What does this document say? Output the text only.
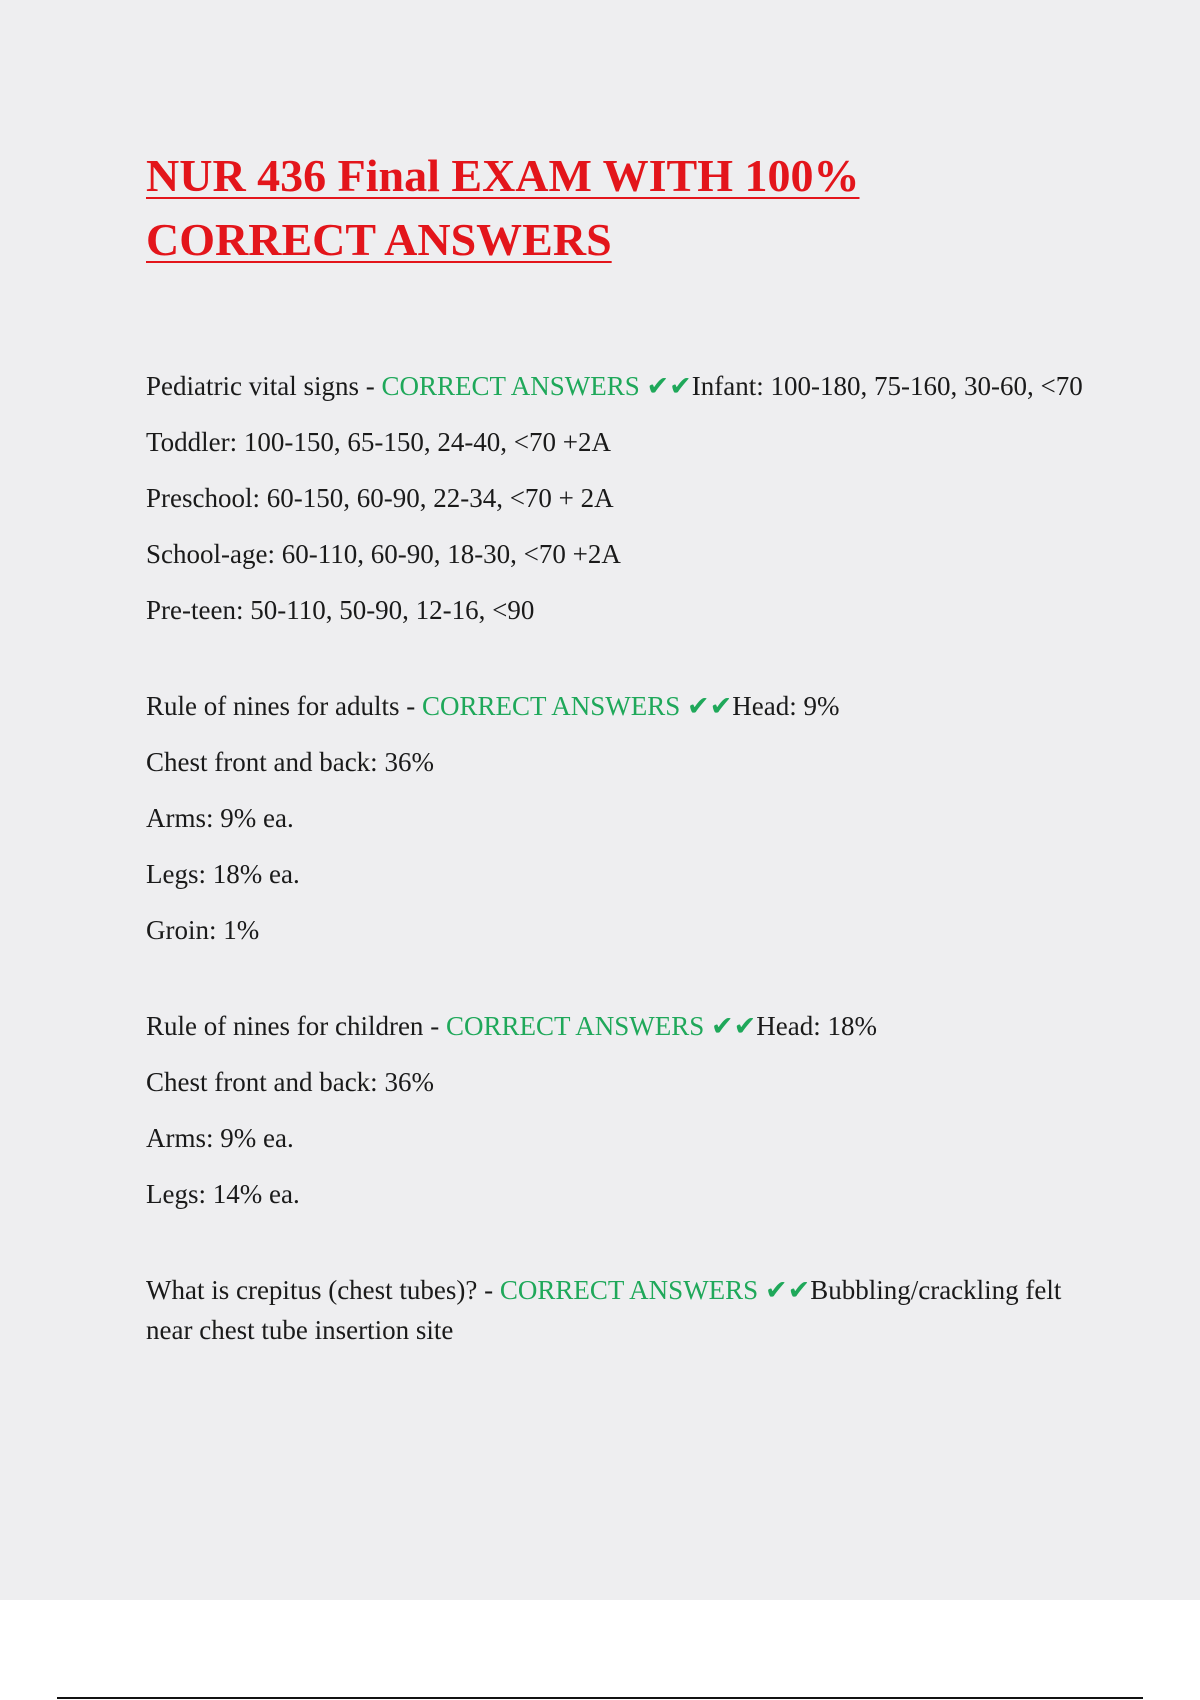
NUR 436 Final EXAM WITH 100% CORRECT ANSWERS

Pediatric vital signs - CORRECT ANSWERS ✔✔Infant: 100-180, 75-160, 30-60, <70

Toddler: 100-150, 65-150, 24-40, <70 +2A

Preschool: 60-150, 60-90, 22-34, <70 + 2A

School-age: 60-110, 60-90, 18-30, <70 +2A

Pre-teen: 50-110, 50-90, 12-16, <90

Rule of nines for adults - CORRECT ANSWERS ✔✔Head: 9%

Chest front and back: 36%

Arms: 9% ea.

Legs: 18% ea.

Groin: 1%

Rule of nines for children - CORRECT ANSWERS ✔✔Head: 18%

Chest front and back: 36%

Arms: 9% ea.

Legs: 14% ea.

What is crepitus (chest tubes)? - CORRECT ANSWERS ✔✔Bubbling/crackling felt near chest tube insertion site
